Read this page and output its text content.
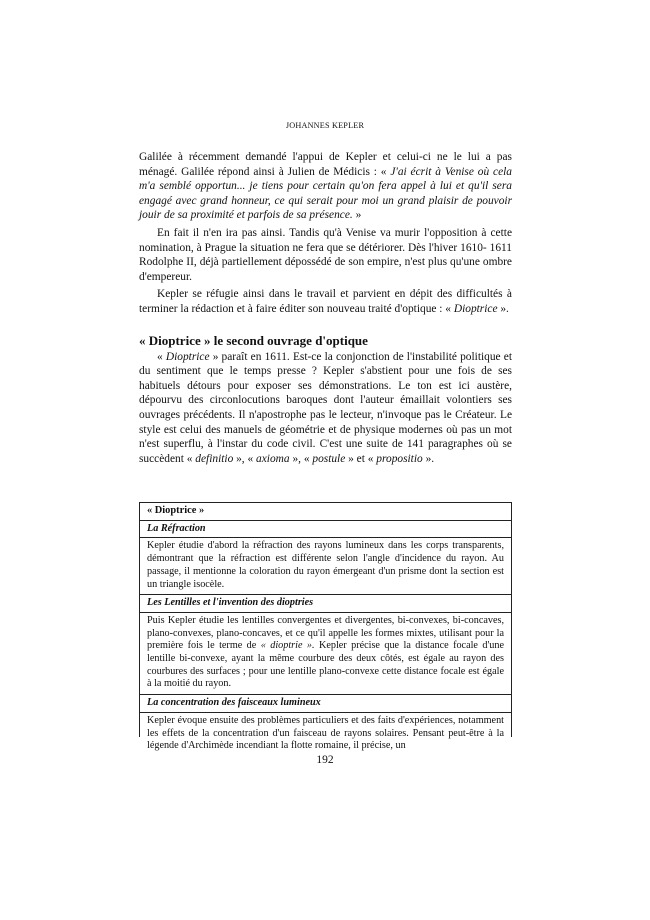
JOHANNES KEPLER

Galilée à récemment demandé l'appui de Kepler et celui-ci ne le lui a pas ménagé. Galilée répond ainsi à Julien de Médicis : « J'ai écrit à Venise où cela m'a semblé opportun... je tiens pour certain qu'on fera appel à lui et qu'il sera engagé avec grand honneur, ce qui serait pour moi un grand plaisir de pouvoir jouir de sa proximité et parfois de sa présence. »

En fait il n'en ira pas ainsi. Tandis qu'à Venise va murir l'opposition à cette nomination, à Prague la situation ne fera que se détériorer. Dès l'hiver 1610- 1611 Rodolphe II, déjà partiellement dépossédé de son empire, n'est plus qu'une ombre d'empereur.

Kepler se réfugie ainsi dans le travail et parvient en dépit des difficultés à terminer la rédaction et à faire éditer son nouveau traité d'optique : « Dioptrice ».

« Dioptrice » le second ouvrage d'optique

« Dioptrice » paraît en 1611. Est-ce la conjonction de l'instabilité politique et du sentiment que le temps presse ? Kepler s'abstient pour une fois de ses habituels détours pour exposer ses démonstrations. Le ton est ici austère, dépourvu des circonlocutions baroques dont l'auteur émaillait volontiers ses ouvrages précédents. Il n'apostrophe pas le lecteur, n'invoque pas le Créateur. Le style est celui des manuels de géométrie et de physique modernes où pas un mot n'est superflu, à l'instar du code civil. C'est une suite de 141 paragraphes où se succèdent « definitio », « axioma », « postule » et « propositio ».

« Dioptrice »
La Réfraction
Kepler étudie d'abord la réfraction des rayons lumineux dans les corps transparents, démontrant que la réfraction est différente selon l'angle d'incidence du rayon. Au passage, il mentionne la coloration du rayon émergeant d'un prisme dont la section est un triangle isocèle.
Les Lentilles et l'invention des dioptries
Puis Kepler étudie les lentilles convergentes et divergentes, bi-convexes, bi-concaves, plano-convexes, plano-concaves, et ce qu'il appelle les formes mixtes, utilisant pour la première fois le terme de « dioptrie ». Kepler précise que la distance focale d'une lentille bi-convexe, ayant la même courbure des deux côtés, est égale au rayon des courbures des surfaces ; pour une lentille plano-convexe cette distance focale est égale à la moitié du rayon.
La concentration des faisceaux lumineux
Kepler évoque ensuite des problèmes particuliers et des faits d'expériences, notamment les effets de la concentration d'un faisceau de rayons solaires. Pensant peut-être à la légende d'Archimède incendiant la flotte romaine, il précise, un
192
